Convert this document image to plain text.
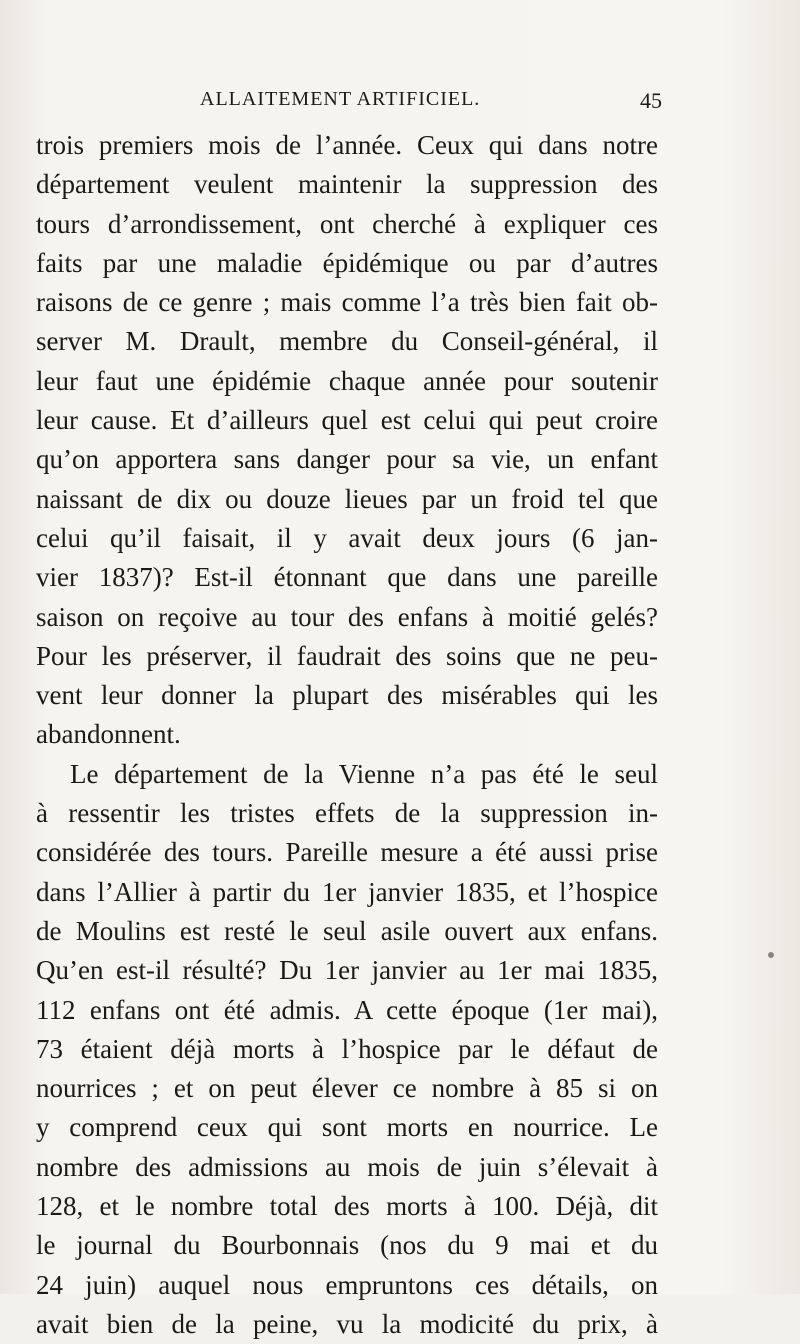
ALLAITEMENT ARTIFICIEL.	45
trois premiers mois de l’année. Ceux qui dans notre
département veulent maintenir la suppression des
tours d’arrondissement, ont cherché à expliquer ces
faits par une maladie épidémique ou par d’autres
raisons de ce genre ; mais comme l’a très bien fait ob-
server M. Drault, membre du Conseil-général, il
leur faut une épidémie chaque année pour soutenir
leur cause. Et d’ailleurs quel est celui qui peut croire
qu’on apportera sans danger pour sa vie, un enfant
naissant de dix ou douze lieues par un froid tel que
celui qu’il faisait, il y avait deux jours (6 jan-
vier 1837)? Est-il étonnant que dans une pareille
saison on reçoive au tour des enfans à moitié gelés?
Pour les préserver, il faudrait des soins que ne peu-
vent leur donner la plupart des misérables qui les
abandonnent.
Le département de la Vienne n’a pas été le seul
à ressentir les tristes effets de la suppression in-
considérée des tours. Pareille mesure a été aussi prise
dans l’Allier à partir du 1er janvier 1835, et l’hospice
de Moulins est resté le seul asile ouvert aux enfans.
Qu’en est-il résulté? Du 1er janvier au 1er mai 1835,
112 enfans ont été admis. A cette époque (1er mai),
73 étaient déjà morts à l’hospice par le défaut de
nourrices ; et on peut élever ce nombre à 85 si on
y comprend ceux qui sont morts en nourrice. Le
nombre des admissions au mois de juin s’élevait à
128, et le nombre total des morts à 100. Déjà, dit
le journal du Bourbonnais (nos du 9 mai et du
24 juin) auquel nous empruntons ces détails, on
avait bien de la peine, vu la modicité du prix, à
